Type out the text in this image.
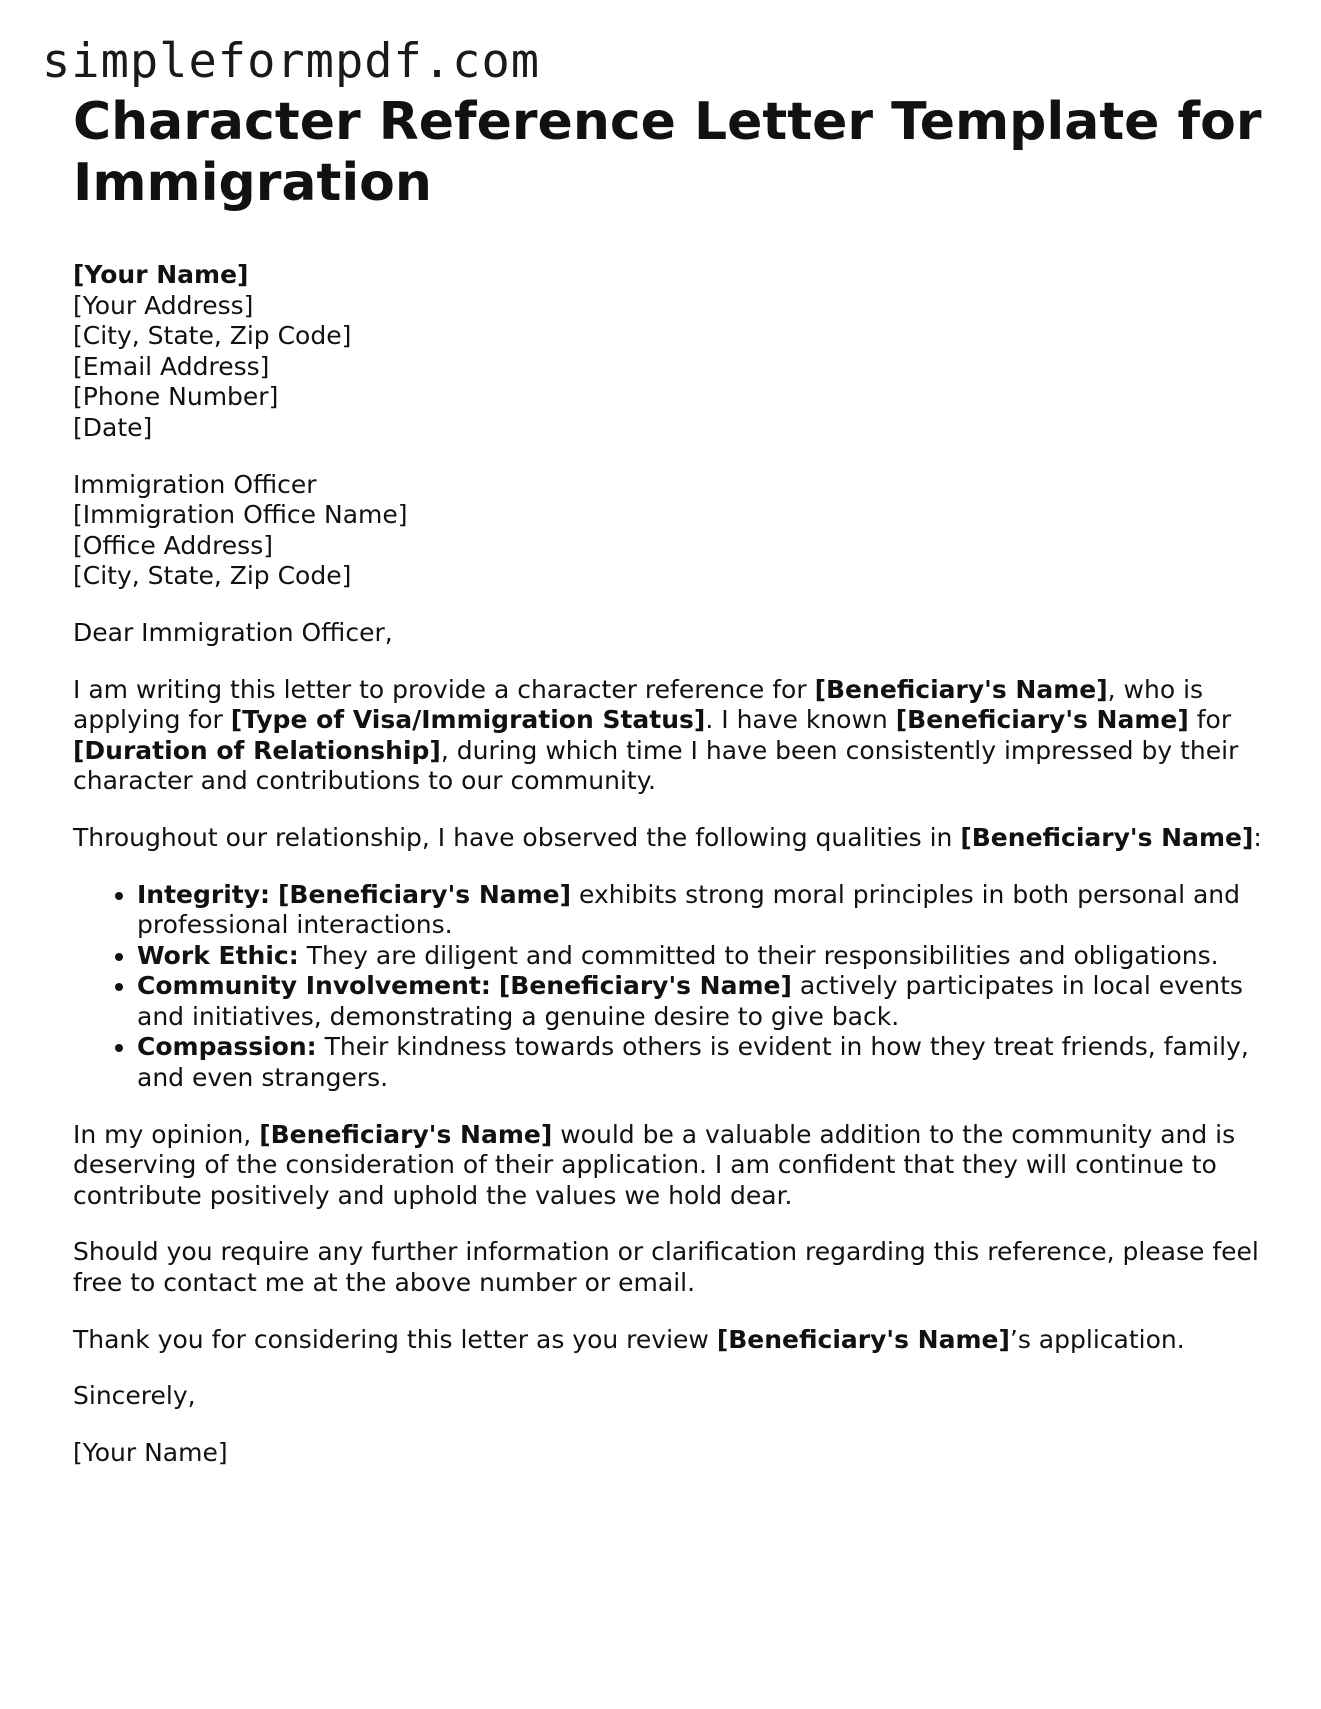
simpleformpdf.com
Character Reference Letter Template for Immigration
[Your Name]
[Your Address]
[City, State, Zip Code]
[Email Address]
[Phone Number]
[Date]
Immigration Officer
[Immigration Office Name]
[Office Address]
[City, State, Zip Code]

Dear Immigration Officer,

I am writing this letter to provide a character reference for [Beneficiary's Name], who is applying for [Type of Visa/Immigration Status]. I have known [Beneficiary's Name] for [Duration of Relationship], during which time I have been consistently impressed by their character and contributions to our community.

Throughout our relationship, I have observed the following qualities in [Beneficiary's Name]:

• Integrity: [Beneficiary's Name] exhibits strong moral principles in both personal and professional interactions.
• Work Ethic: They are diligent and committed to their responsibilities and obligations.
• Community Involvement: [Beneficiary's Name] actively participates in local events and initiatives, demonstrating a genuine desire to give back.
• Compassion: Their kindness towards others is evident in how they treat friends, family, and even strangers.

In my opinion, [Beneficiary's Name] would be a valuable addition to the community and is deserving of the consideration of their application. I am confident that they will continue to contribute positively and uphold the values we hold dear.

Should you require any further information or clarification regarding this reference, please feel free to contact me at the above number or email.

Thank you for considering this letter as you review [Beneficiary's Name]’s application.

Sincerely,

[Your Name]
